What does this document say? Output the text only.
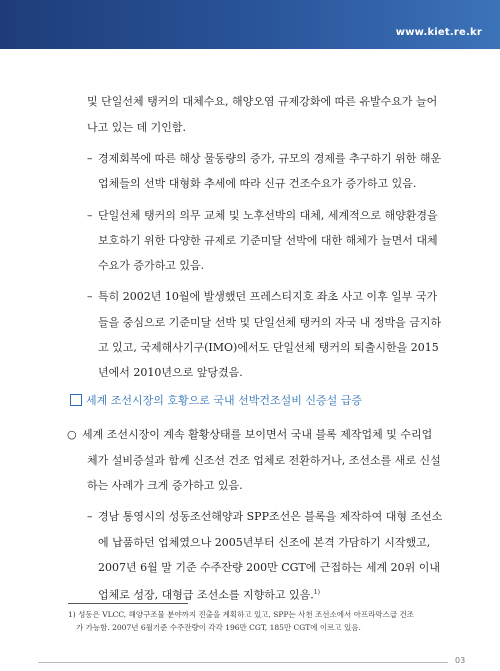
www.kiet.re.kr
및 단일선체 탱커의 대체수요, 해양오염 규제강화에 따른 유발수요가 늘어
나고 있는 데 기인함.
– 경제회복에 따른 해상 물동량의 증가, 규모의 경제를 추구하기 위한 해운
업체들의 선박 대형화 추세에 따라 신규 건조수요가 증가하고 있음.
– 단일선체 탱커의 의무 교체 및 노후선박의 대체, 세계적으로 해양환경을
보호하기 위한 다양한 규제로 기준미달 선박에 대한 해체가 늘면서 대체
수요가 증가하고 있음.
– 특히 2002년 10월에 발생했던 프레스티지호 좌초 사고 이후 일부 국가
들을 중심으로 기준미달 선박 및 단일선체 탱커의 자국 내 정박을 금지하
고 있고, 국제해사기구(IMO)에서도 단일선체 탱커의 퇴출시한을 2015
년에서 2010년으로 앞당겼음.
세계 조선시장의 호황으로 국내 선박건조설비 신증설 급증
○ 세계 조선시장이 계속 활황상태를 보이면서 국내 블록 제작업체 및 수리업
체가 설비증설과 함께 신조선 건조 업체로 전환하거나, 조선소를 새로 신설
하는 사례가 크게 증가하고 있음.
– 경남 통영시의 성동조선해양과 SPP조선은 블록을 제작하여 대형 조선소
에 납품하던 업체였으나 2005년부터 신조에 본격 가담하기 시작했고,
2007년 6월 말 기준 수주잔량 200만 CGT에 근접하는 세계 20위 이내
업체로 성장, 대형급 조선소를 지향하고 있음.$^{1)}$
1) 성동은 VLCC, 해양구조물 분야까지 진출을 계획하고 있고, SPP는 사천 조선소에서 아프라막스급 건조
가 가능함. 2007년 6월기준 수주잔량이 각각 196만 CGT, 185만 CGT에 이르고 있음.
03
